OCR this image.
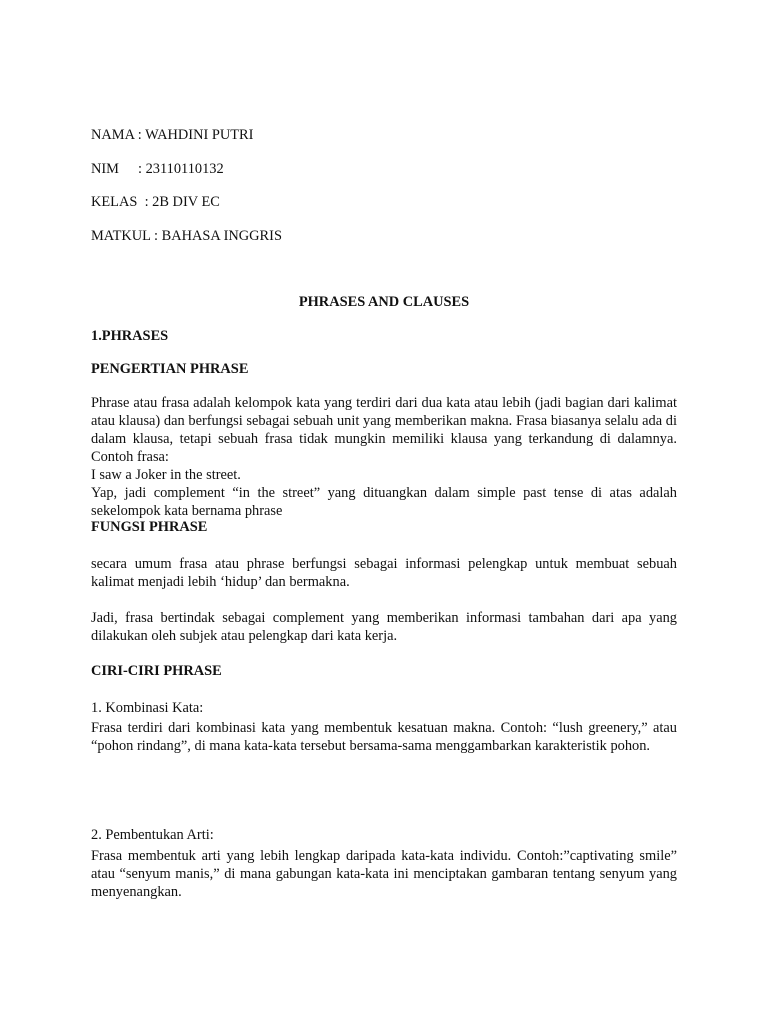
NAMA : WAHDINI PUTRI

NIM : 23110110132

KELAS  : 2B DIV EC

MATKUL : BAHASA INGGRIS

PHRASES AND CLAUSES

1.PHRASES

PENGERTIAN PHRASE

Phrase atau frasa adalah kelompok kata yang terdiri dari dua kata atau lebih (jadi bagian dari kalimat atau klausa) dan berfungsi sebagai sebuah unit yang memberikan makna. Frasa biasanya selalu ada di dalam klausa, tetapi sebuah frasa tidak mungkin memiliki klausa yang terkandung di dalamnya. Contoh frasa:

I saw a Joker in the street.

Yap, jadi complement “in the street” yang dituangkan dalam simple past tense di atas adalah sekelompok kata bernama phrase

FUNGSI PHRASE

secara umum frasa atau phrase berfungsi sebagai informasi pelengkap untuk membuat sebuah kalimat menjadi lebih ‘hidup’ dan bermakna.

Jadi, frasa bertindak sebagai complement yang memberikan informasi tambahan dari apa yang dilakukan oleh subjek atau pelengkap dari kata kerja.

CIRI-CIRI PHRASE

1. Kombinasi Kata:

Frasa terdiri dari kombinasi kata yang membentuk kesatuan makna. Contoh: “lush greenery,” atau “pohon rindang”, di mana kata-kata tersebut bersama-sama menggambarkan karakteristik pohon.

2. Pembentukan Arti:

Frasa membentuk arti yang lebih lengkap daripada kata-kata individu. Contoh:”captivating smile” atau “senyum manis,” di mana gabungan kata-kata ini menciptakan gambaran tentang senyum yang menyenangkan.
